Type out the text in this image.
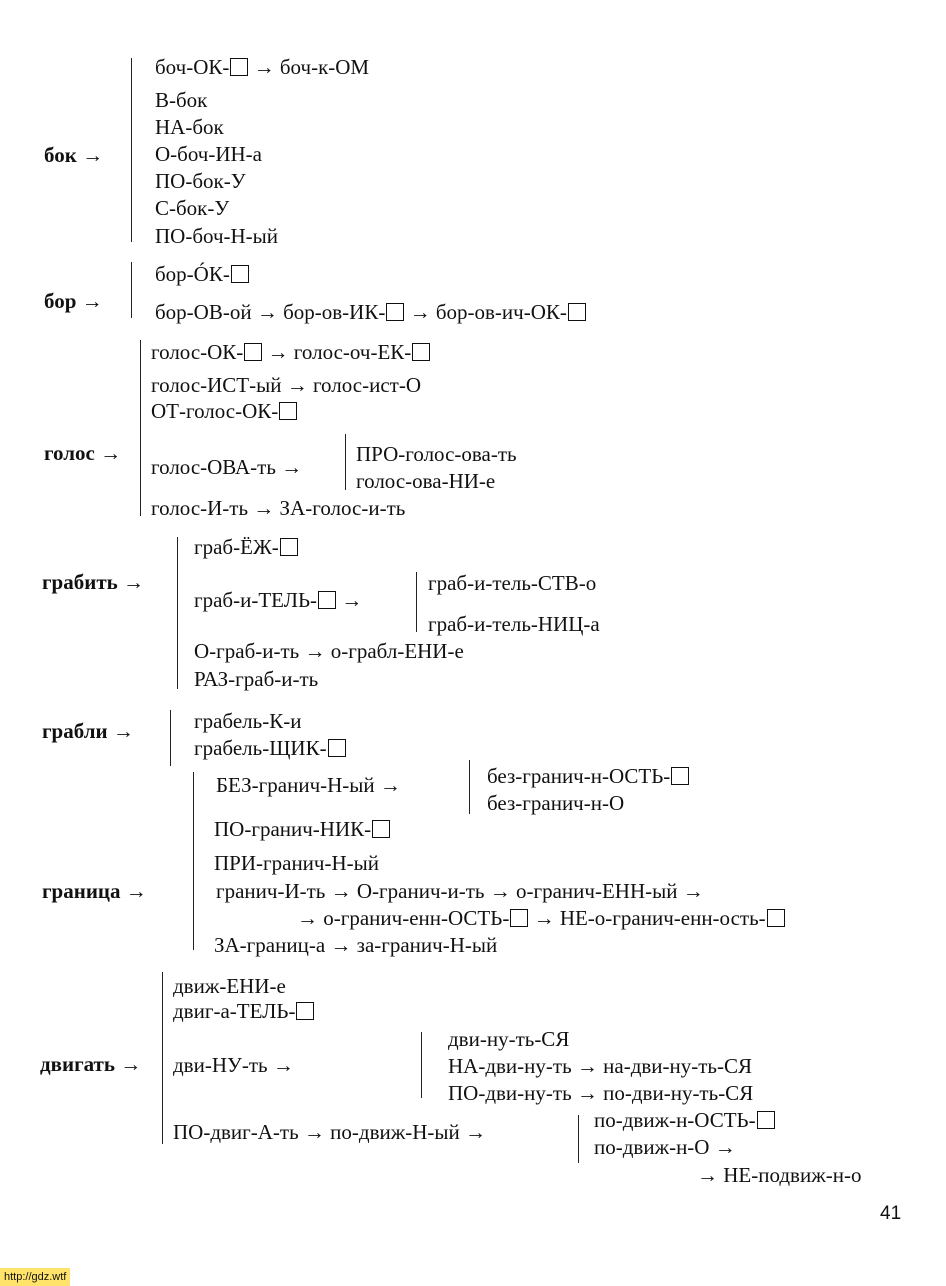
бок →
боч-ОК- → боч-к-ОМ
В-бок
НА-бок
О-боч-ИН-а
ПО-бок-У
С-бок-У
ПО-боч-Н-ый
бор →
бор-ÓК-
бор-ОВ-ой → бор-ов-ИК- → бор-ов-ич-ОК-
голос →
голос-ОК- → голос-оч-ЕК-
голос-ИСТ-ый → голос-ист-О
ОТ-голос-ОК-
голос-ОВА-ть →
ПРО-голос-ова-ть
голос-ова-НИ-е
голос-И-ть → ЗА-голос-и-ть
грабить →
граб-ЁЖ-
граб-и-ТЕЛЬ- →
граб-и-тель-СТВ-о
граб-и-тель-НИЦ-а
О-граб-и-ть → о-грабл-ЕНИ-е
РАЗ-граб-и-ть
грабли →	грабель-К-и
грабель-ЩИК-
граница →
БЕЗ-гранич-Н-ый →	без-гранич-н-ОСТЬ-
без-гранич-н-О
ПО-гранич-НИК-
ПРИ-гранич-Н-ый
гранич-И-ть → О-гранич-и-ть → о-гранич-ЕНН-ый →
→ о-гранич-енн-ОСТЬ- → НЕ-о-гранич-енн-ость-
ЗА-границ-а → за-гранич-Н-ый
двигать →
движ-ЕНИ-е
двиг-а-ТЕЛЬ-
дви-НУ-ть →
дви-ну-ть-СЯ
НА-дви-ну-ть → на-дви-ну-ть-СЯ
ПО-дви-ну-ть → по-дви-ну-ть-СЯ
ПО-двиг-А-ть → по-движ-Н-ый →	по-движ-н-ОСТЬ-
по-движ-н-О →
→ НЕ-подвиж-н-о
41
http://gdz.wtf
